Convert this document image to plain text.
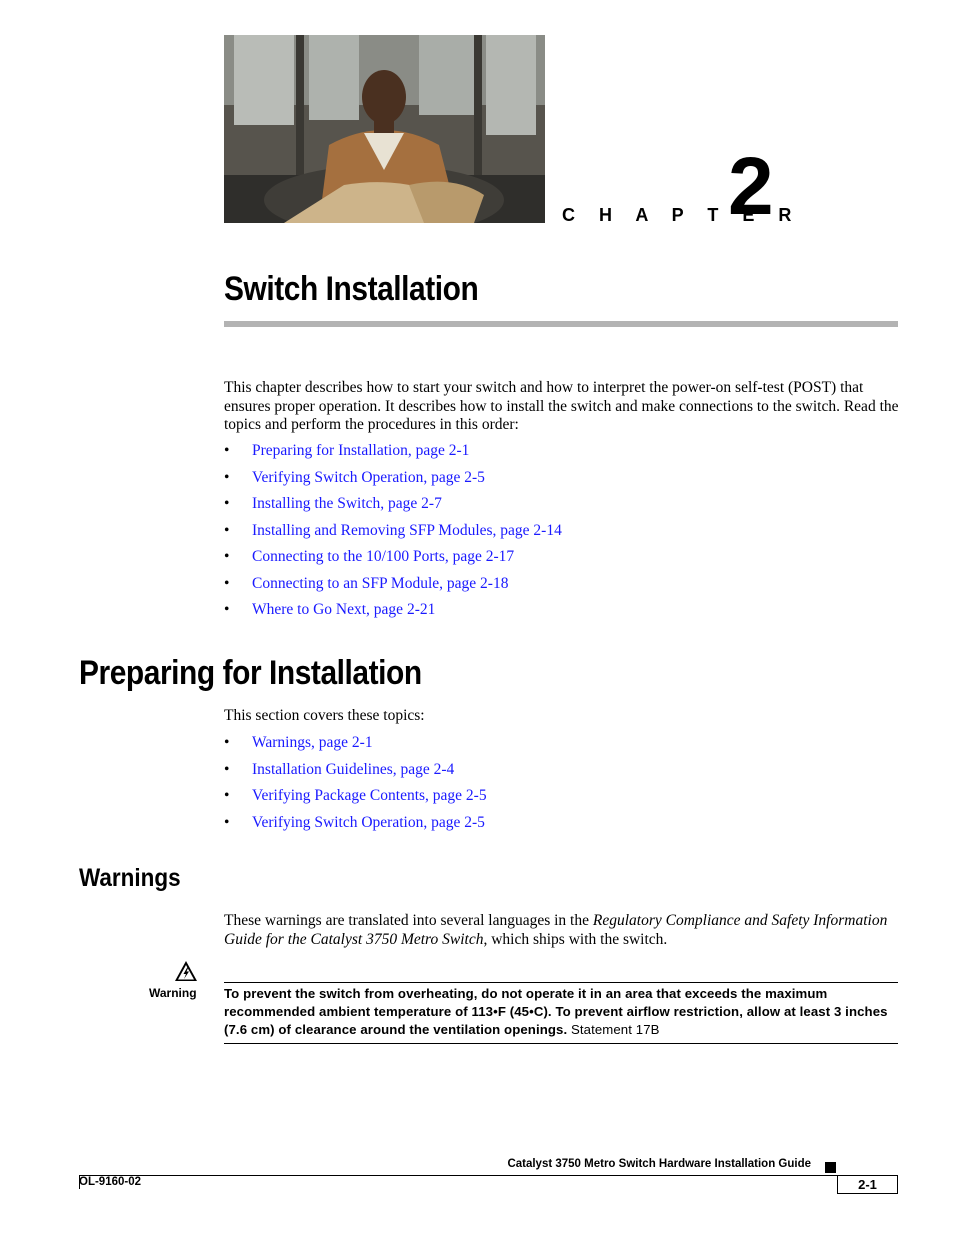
C H A P T E R
2
Switch Installation
This chapter describes how to start your switch and how to interpret the power-on self-test (POST) that ensures proper operation. It describes how to install the switch and make connections to the switch. Read the topics and perform the procedures in this order:
• Preparing for Installation, page 2-1
• Verifying Switch Operation, page 2-5
• Installing the Switch, page 2-7
• Installing and Removing SFP Modules, page 2-14
• Connecting to the 10/100 Ports, page 2-17
• Connecting to an SFP Module, page 2-18
• Where to Go Next, page 2-21
Preparing for Installation
This section covers these topics:
• Warnings, page 2-1
• Installation Guidelines, page 2-4
• Verifying Package Contents, page 2-5
• Verifying Switch Operation, page 2-5
Warnings
These warnings are translated into several languages in the Regulatory Compliance and Safety Information Guide for the Catalyst 3750 Metro Switch, which ships with the switch.
Warning To prevent the switch from overheating, do not operate it in an area that exceeds the maximum recommended ambient temperature of 113•F (45•C). To prevent airflow restriction, allow at least 3 inches (7.6 cm) of clearance around the ventilation openings. Statement 17B
Catalyst 3750 Metro Switch Hardware Installation Guide
OL-9160-02	2-1
